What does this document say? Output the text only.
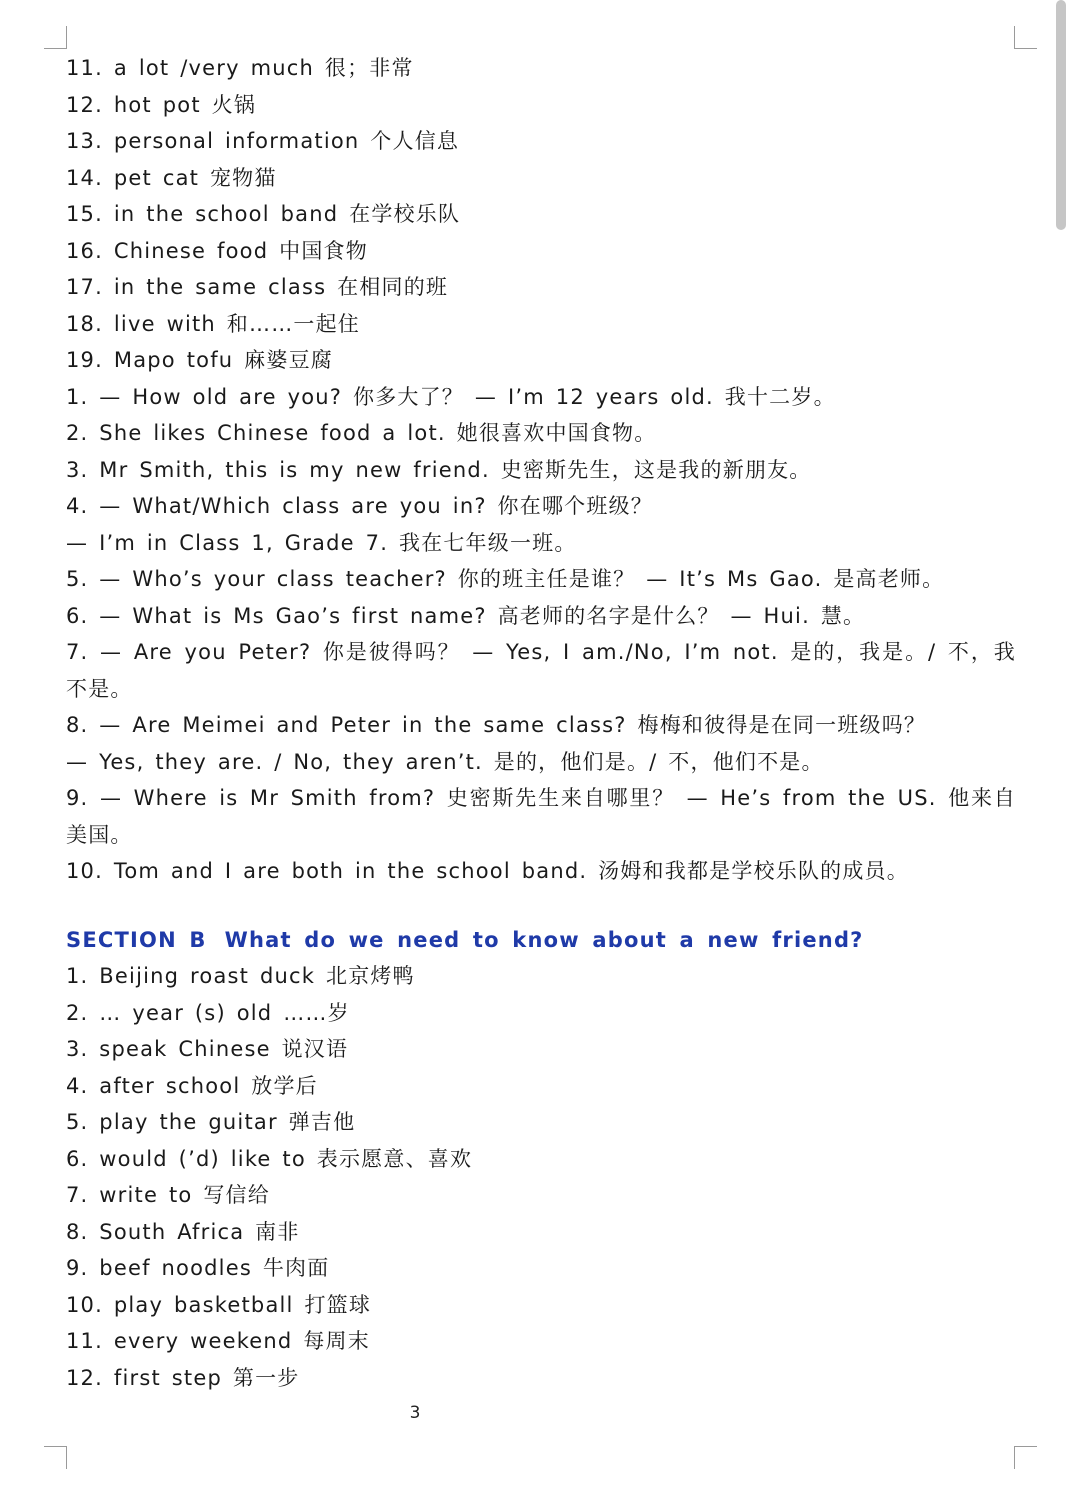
11. a lot /very much 很；非常

12. hot pot 火锅

13. personal information 个人信息

14. pet cat 宠物猫

15. in the school band 在学校乐队

16. Chinese food 中国食物

17. in the same class 在相同的班

18. live with 和……一起住

19. Mapo tofu 麻婆豆腐

1. — How old are you? 你多大了？ — I’m 12 years old. 我十二岁。

2. She likes Chinese food a lot. 她很喜欢中国食物。

3. Mr Smith, this is my new friend. 史密斯先生，这是我的新朋友。

4. — What/Which class are you in? 你在哪个班级？

— I’m in Class 1, Grade 7. 我在七年级一班。

5. — Who’s your class teacher? 你的班主任是谁？ — It’s Ms Gao. 是高老师。

6. — What is Ms Gao’s first name? 高老师的名字是什么？ — Hui. 慧。

7. — Are you Peter? 你是彼得吗？ — Yes, I am./No, I’m not. 是的，我是。/ 不，我不是。

8. — Are Meimei and Peter in the same class? 梅梅和彼得是在同一班级吗？

— Yes, they are. / No, they aren’t. 是的，他们是。/ 不，他们不是。

9. — Where is Mr Smith from? 史密斯先生来自哪里？ — He’s from the US. 他来自美国。

10. Tom and I are both in the school band. 汤姆和我都是学校乐队的成员。

SECTION B What do we need to know about a new friend?

1. Beijing roast duck 北京烤鸭

2. … year (s) old ……岁

3. speak Chinese 说汉语

4. after school 放学后

5. play the guitar 弹吉他

6. would (’d) like to 表示愿意、喜欢

7. write to 写信给

8. South Africa 南非

9. beef noodles 牛肉面

10. play basketball 打篮球

11. every weekend 每周末

12. first step 第一步

3
